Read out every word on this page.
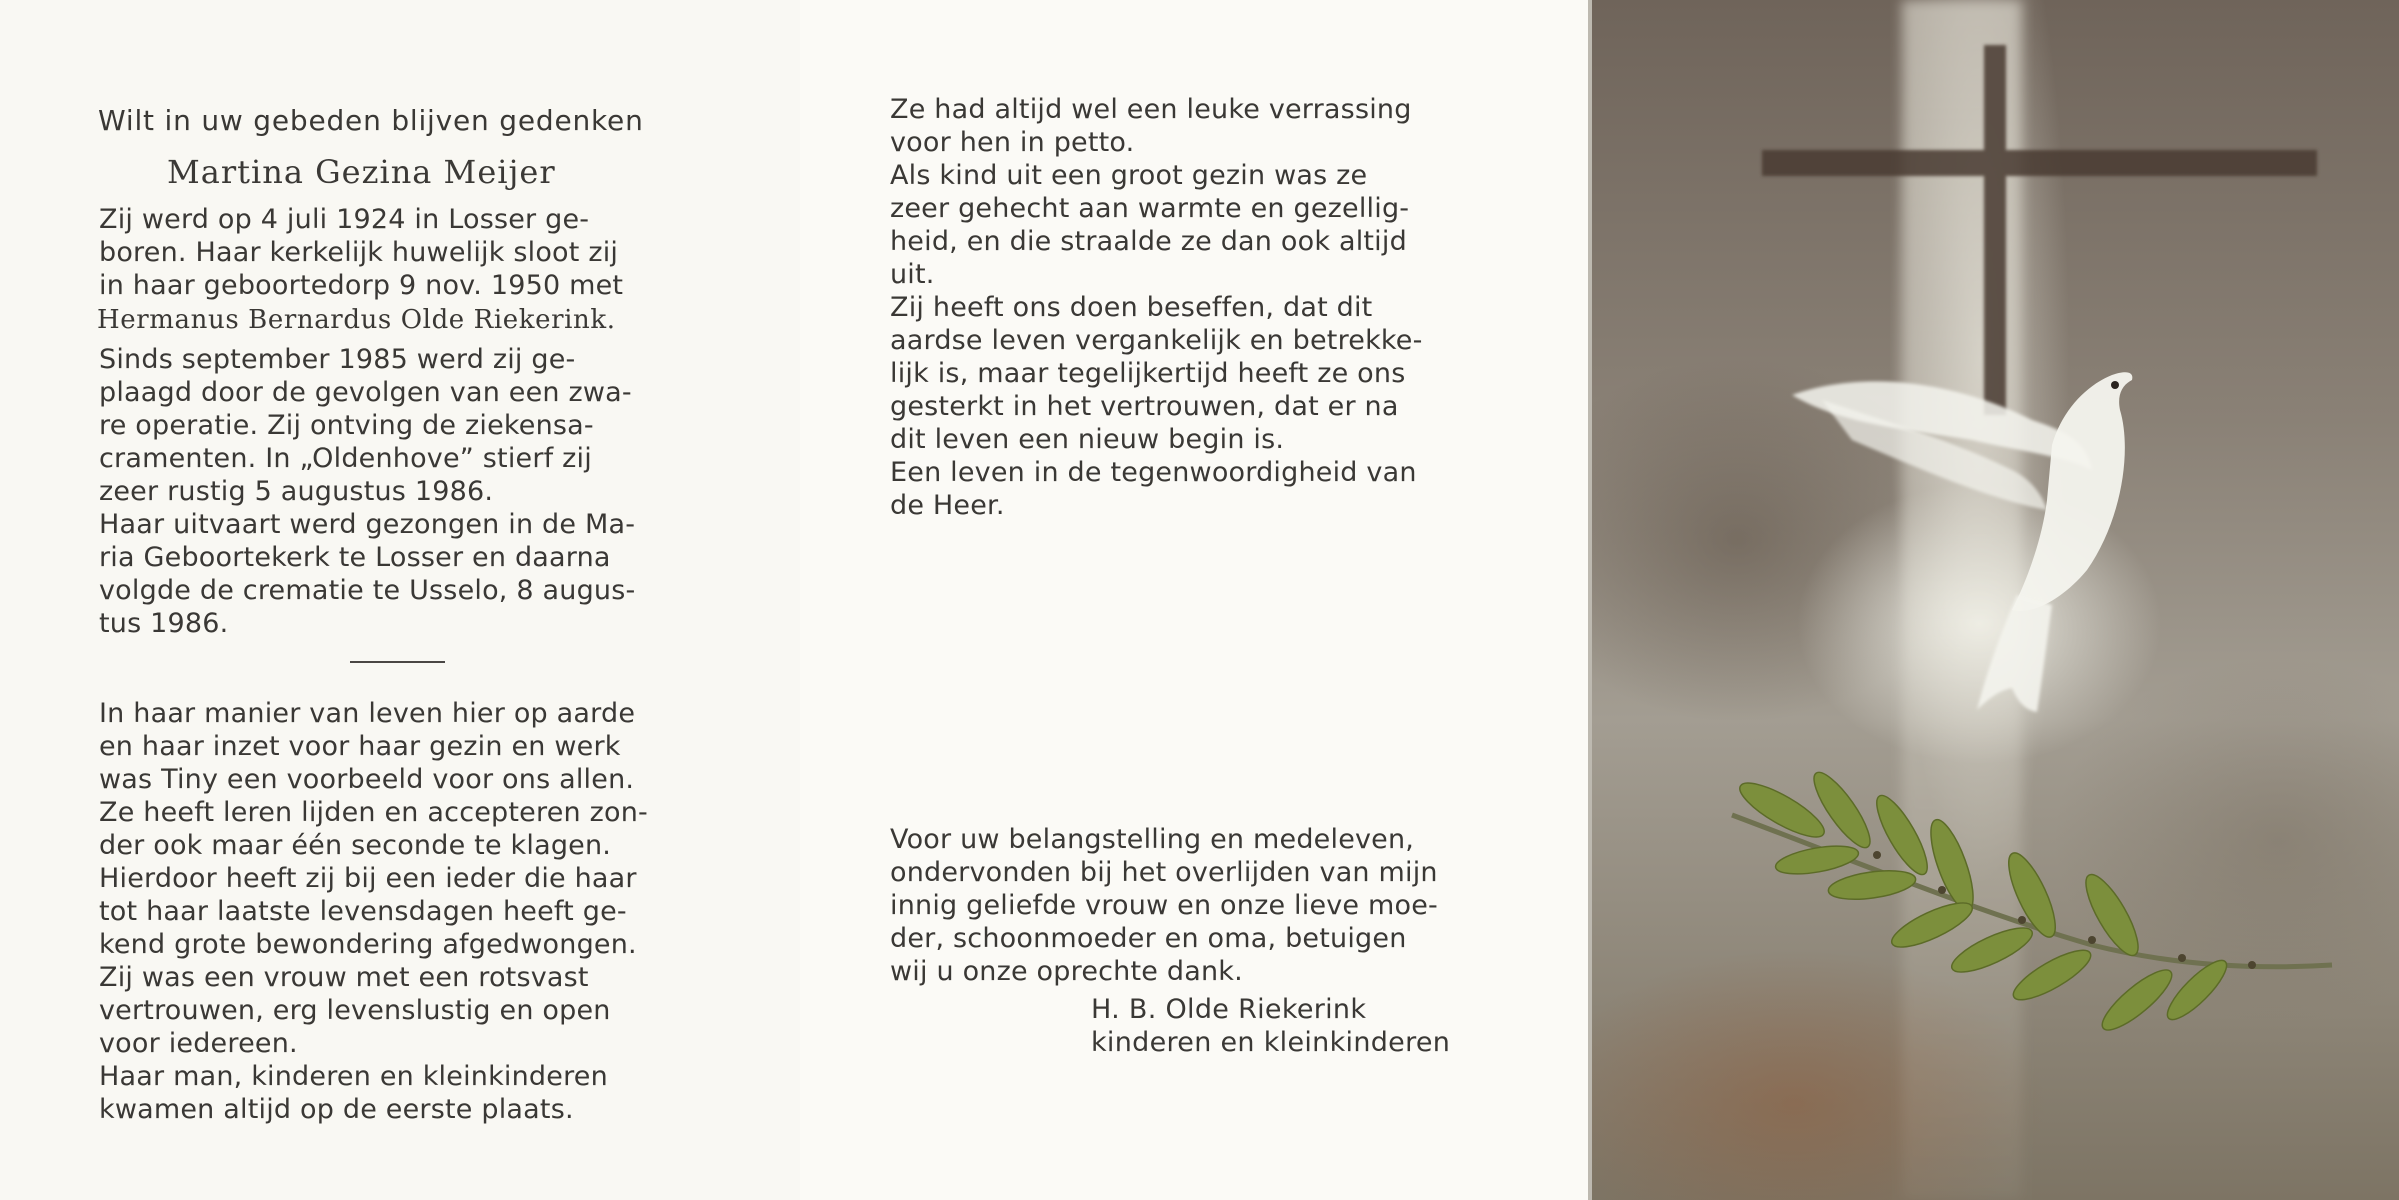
Wilt in uw gebeden blijven gedenken

Martina Gezina Meijer

Zij werd op 4 juli 1924 in Losser ge-

boren. Haar kerkelijk huwelijk sloot zij

in haar geboortedorp 9 nov. 1950 met

Hermanus Bernardus Olde Riekerink.

Sinds september 1985 werd zij ge-

plaagd door de gevolgen van een zwa-

re operatie. Zij ontving de ziekensa-

cramenten. In „Oldenhove” stierf zij

zeer rustig 5 augustus 1986.

Haar uitvaart werd gezongen in de Ma-

ria Geboortekerk te Losser en daarna

volgde de crematie te Usselo, 8 augus-

tus 1986.

In haar manier van leven hier op aarde

en haar inzet voor haar gezin en werk

was Tiny een voorbeeld voor ons allen.

Ze heeft leren lijden en accepteren zon-

der ook maar één seconde te klagen.

Hierdoor heeft zij bij een ieder die haar

tot haar laatste levensdagen heeft ge-

kend grote bewondering afgedwongen.

Zij was een vrouw met een rotsvast

vertrouwen, erg levenslustig en open

voor iedereen.

Haar man, kinderen en kleinkinderen

kwamen altijd op de eerste plaats.

Ze had altijd wel een leuke verrassing

voor hen in petto.

Als kind uit een groot gezin was ze

zeer gehecht aan warmte en gezellig-

heid, en die straalde ze dan ook altijd

uit.

Zij heeft ons doen beseffen, dat dit

aardse leven vergankelijk en betrekke-

lijk is, maar tegelijkertijd heeft ze ons

gesterkt in het vertrouwen, dat er na

dit leven een nieuw begin is.

Een leven in de tegenwoordigheid van

de Heer.

Voor uw belangstelling en medeleven,

ondervonden bij het overlijden van mijn

innig geliefde vrouw en onze lieve moe-

der, schoonmoeder en oma, betuigen

wij u onze oprechte dank.

H. B. Olde Riekerink

kinderen en kleinkinderen
